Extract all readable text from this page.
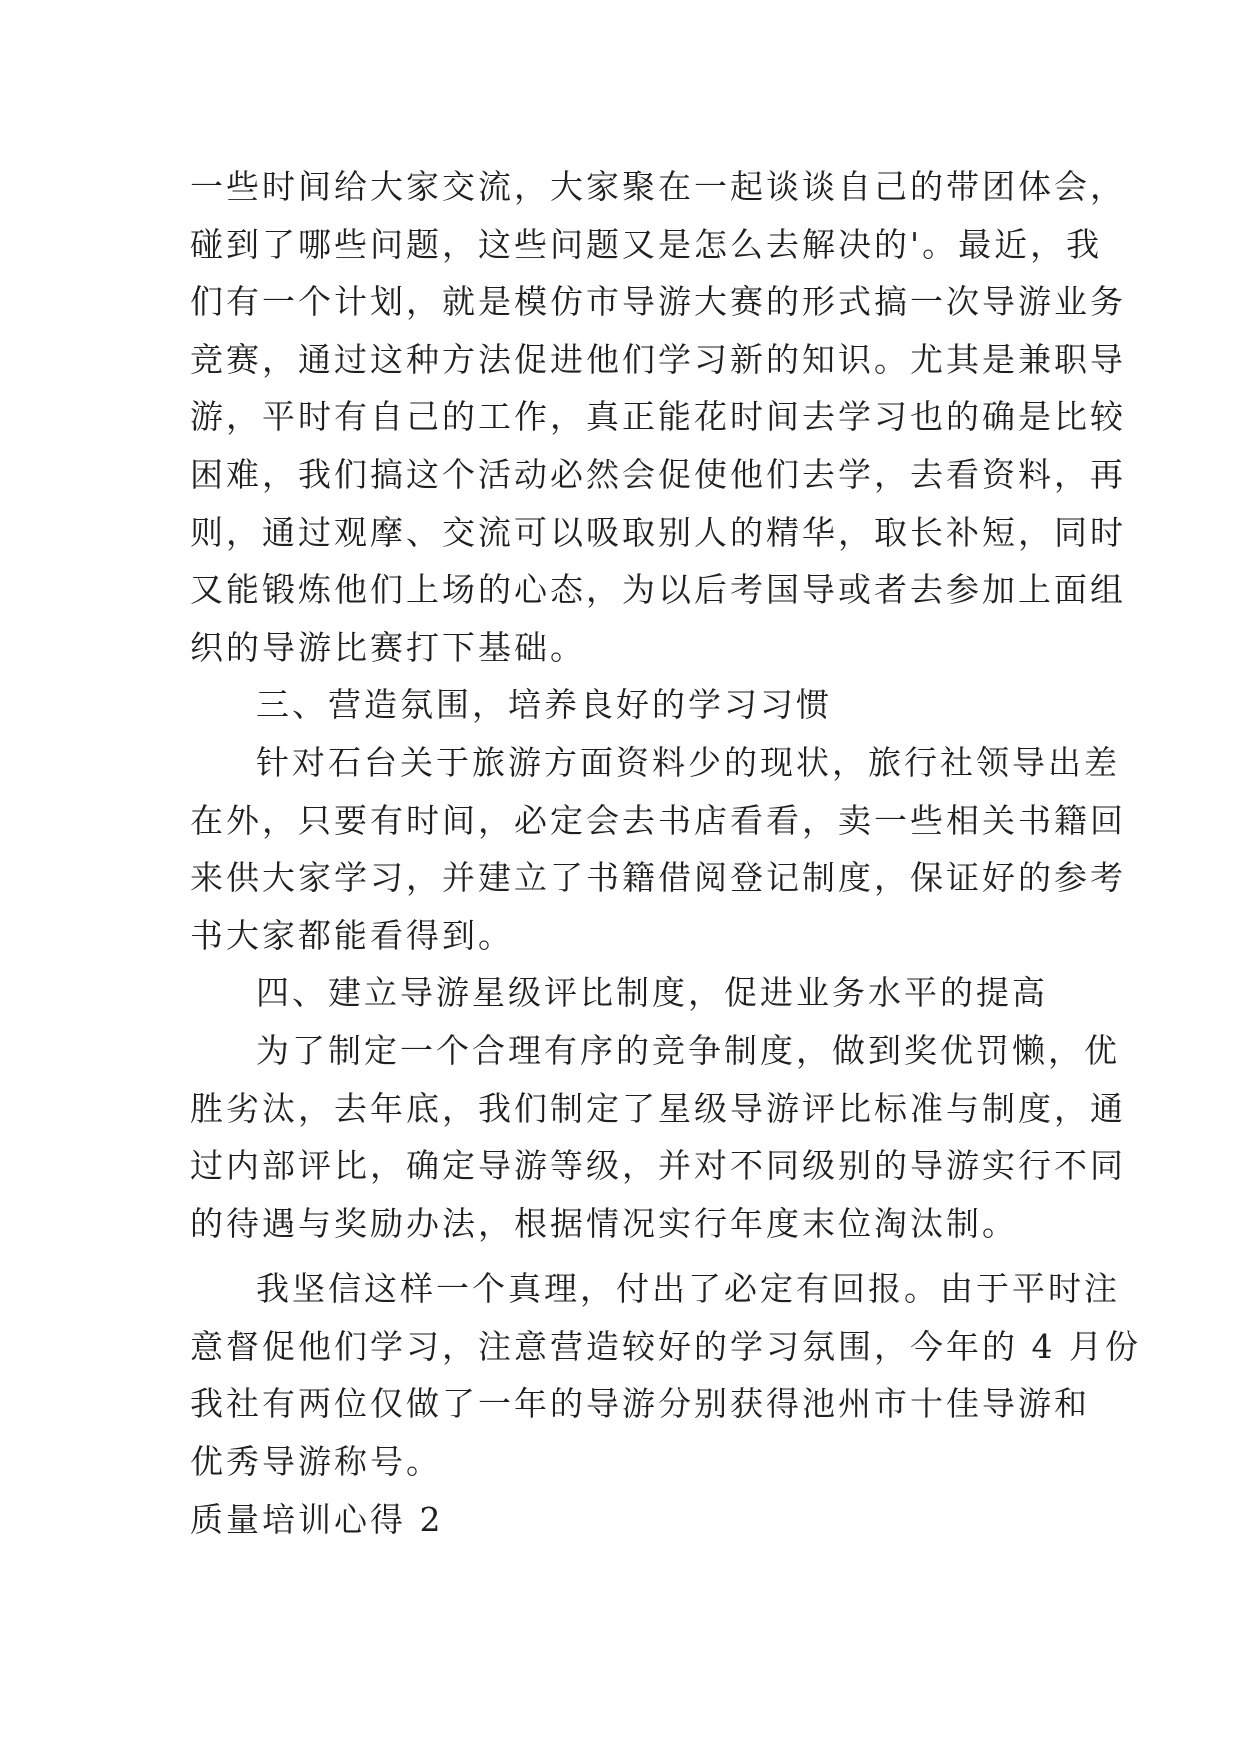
一些时间给大家交流，大家聚在一起谈谈自己的带团体会，
碰到了哪些问题，这些问题又是怎么去解决的'。最近，我
们有一个计划，就是模仿市导游大赛的形式搞一次导游业务
竞赛，通过这种方法促进他们学习新的知识。尤其是兼职导
游，平时有自己的工作，真正能花时间去学习也的确是比较
困难，我们搞这个活动必然会促使他们去学，去看资料，再
则，通过观摩、交流可以吸取别人的精华，取长补短，同时
又能锻炼他们上场的心态，为以后考国导或者去参加上面组
织的导游比赛打下基础。
三、营造氛围，培养良好的学习习惯
针对石台关于旅游方面资料少的现状，旅行社领导出差
在外，只要有时间，必定会去书店看看，卖一些相关书籍回
来供大家学习，并建立了书籍借阅登记制度，保证好的参考
书大家都能看得到。
四、建立导游星级评比制度，促进业务水平的提高
为了制定一个合理有序的竞争制度，做到奖优罚懒，优
胜劣汰，去年底，我们制定了星级导游评比标准与制度，通
过内部评比，确定导游等级，并对不同级别的导游实行不同
的待遇与奖励办法，根据情况实行年度末位淘汰制。
我坚信这样一个真理，付出了必定有回报。由于平时注
意督促他们学习，注意营造较好的学习氛围，今年的 4 月份
我社有两位仅做了一年的导游分别获得池州市十佳导游和
优秀导游称号。
质量培训心得 2
